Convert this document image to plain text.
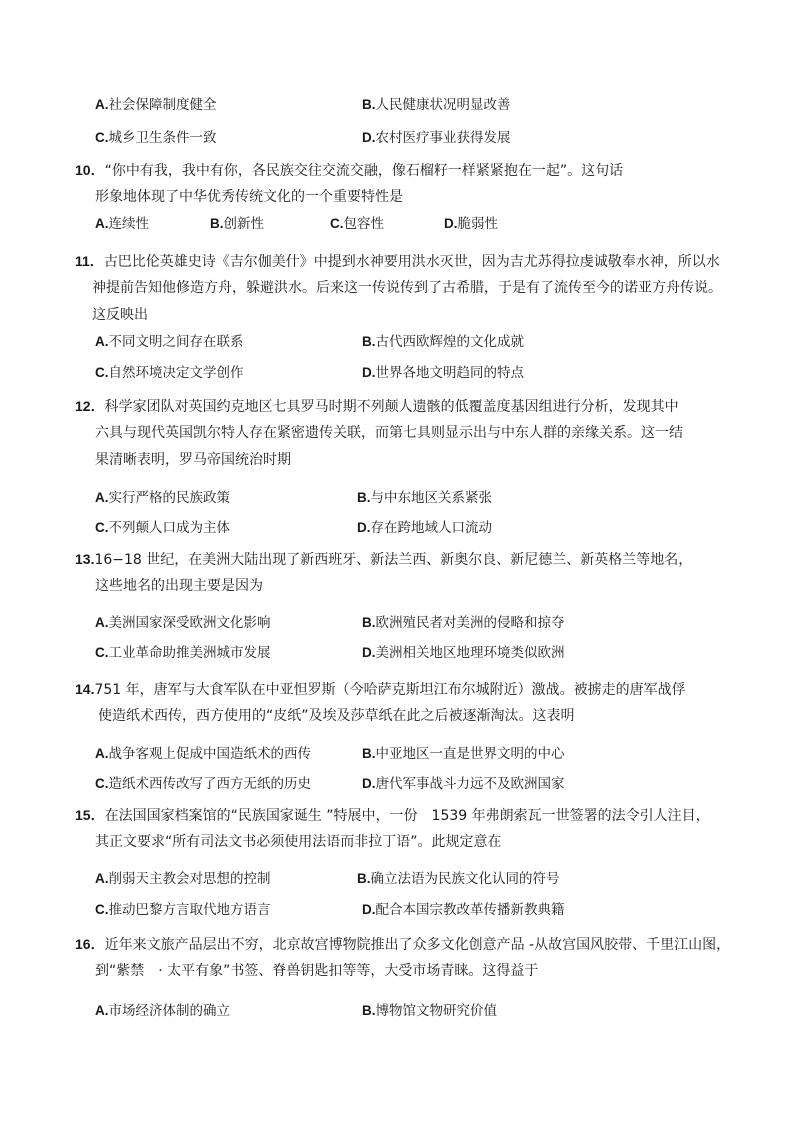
A.社会保障制度健全	B.人民健康状况明显改善
C.城乡卫生条件一致	D.农村医疗事业获得发展
10．“你中有我，我中有你，各民族交往交流交融，像石榴籽一样紧紧抱在一起”。这句话
形象地体现了中华优秀传统文化的一个重要特性是
A.连续性	B.创新性	C.包容性	D.脆弱性
11．古巴比伦英雄史诗《吉尔伽美什》中提到水神要用洪水灭世，因为吉尤苏得拉虔诚敬奉水神，所以水
神提前告知他修造方舟，躲避洪水。后来这一传说传到了古希腊，于是有了流传至今的诺亚方舟传说。
这反映出
A.不同文明之间存在联系	B.古代西欧辉煌的文化成就
C.自然环境决定文学创作	D.世界各地文明趋同的特点
12．科学家团队对英国约克地区七具罗马时期不列颠人遗骸的低覆盖度基因组进行分析，发现其中
六具与现代英国凯尔特人存在紧密遗传关联，而第七具则显示出与中东人群的亲缘关系。这一结
果清晰表明，罗马帝国统治时期
A.实行严格的民族政策	B.与中东地区关系紧张
C.不列颠人口成为主体	D.存在跨地域人口流动
13.16−18 世纪，在美洲大陆出现了新西班牙、新法兰西、新奥尔良、新尼德兰、新英格兰等地名，
这些地名的出现主要是因为
A.美洲国家深受欧洲文化影响	B.欧洲殖民者对美洲的侵略和掠夺
C.工业革命助推美洲城市发展	D.美洲相关地区地理环境类似欧洲
14.751 年，唐军与大食军队在中亚怛罗斯（今哈萨克斯坦江布尔城附近）激战。被掳走的唐军战俘
使造纸术西传，西方使用的“皮纸”及埃及莎草纸在此之后被逐渐淘汰。这表明
A.战争客观上促成中国造纸术的西传	B.中亚地区一直是世界文明的中心
C.造纸术西传改写了西方无纸的历史	D.唐代军事战斗力远不及欧洲国家
15．在法国国家档案馆的“民族国家诞生 ”特展中，一份　1539 年弗朗索瓦一世签署的法令引人注目，
其正文要求“所有司法文书必须使用法语而非拉丁语”。此规定意在
A.削弱天主教会对思想的控制	B.确立法语为民族文化认同的符号
C.推动巴黎方言取代地方语言	D.配合本国宗教改革传播新教典籍
16．近年来文旅产品层出不穷，北京故宫博物院推出了众多文化创意产品 -从故宫国风胶带、千里江山图，
到“紫禁　· 太平有象”书签、脊兽钥匙扣等等，大受市场青睐。这得益于
A.市场经济体制的确立	B.博物馆文物研究价值
